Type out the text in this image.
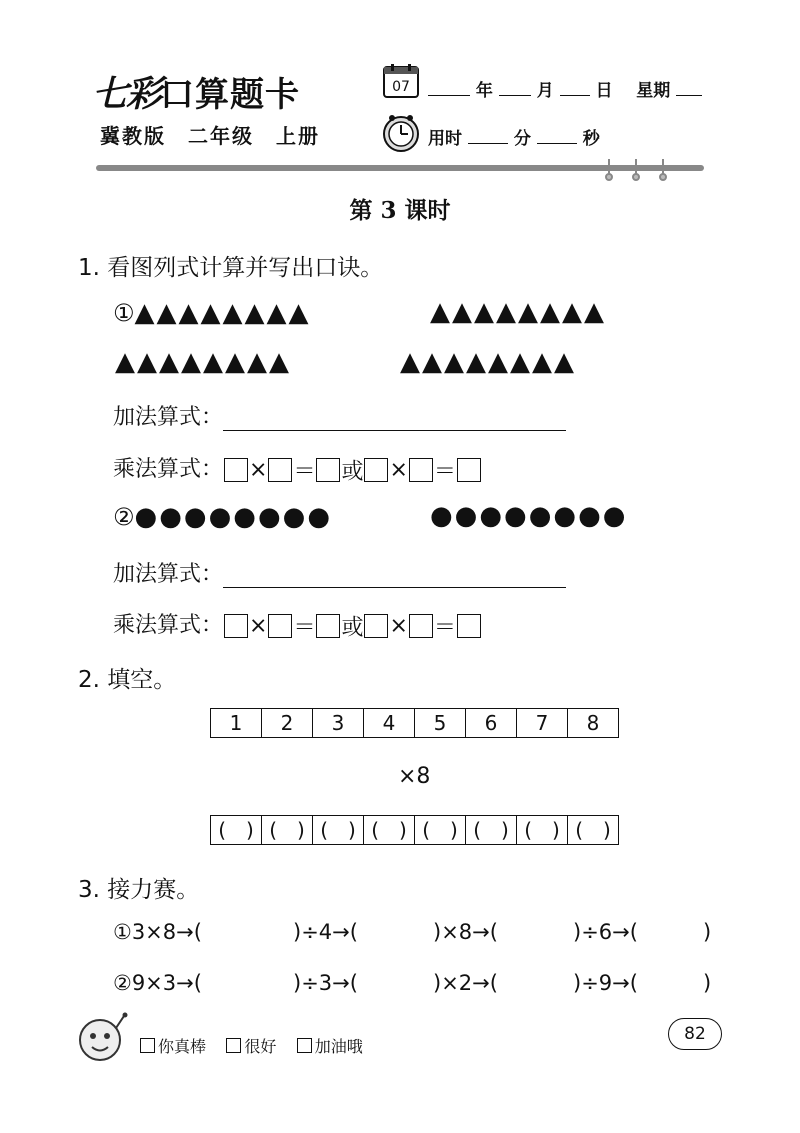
七彩口算题卡
冀教版 二年级 上册
07	年	月 日 星期
用时	分	秒
第 3 课时
1. 看图列式计算并写出口诀。
①▲▲▲▲▲▲▲▲	▲▲▲▲▲▲▲▲
▲▲▲▲▲▲▲▲	▲▲▲▲▲▲▲▲
加法算式：
乘法算式： × ＝ 或 × ＝
②●●●●●●●●	●●●●●●●●
加法算式：
乘法算式： × ＝ 或 × ＝
2. 填空。
1	2	3	4	5	6	7	8
×8
( )	( )	( )	( )	( )	( )	( )	( )
3. 接力赛。
①3×8→(	)÷4→(	)×8→(	)÷6→(	)
②9×3→(	)÷3→(	)×2→(	)÷9→(	)
你真棒 很好 加油哦
82
